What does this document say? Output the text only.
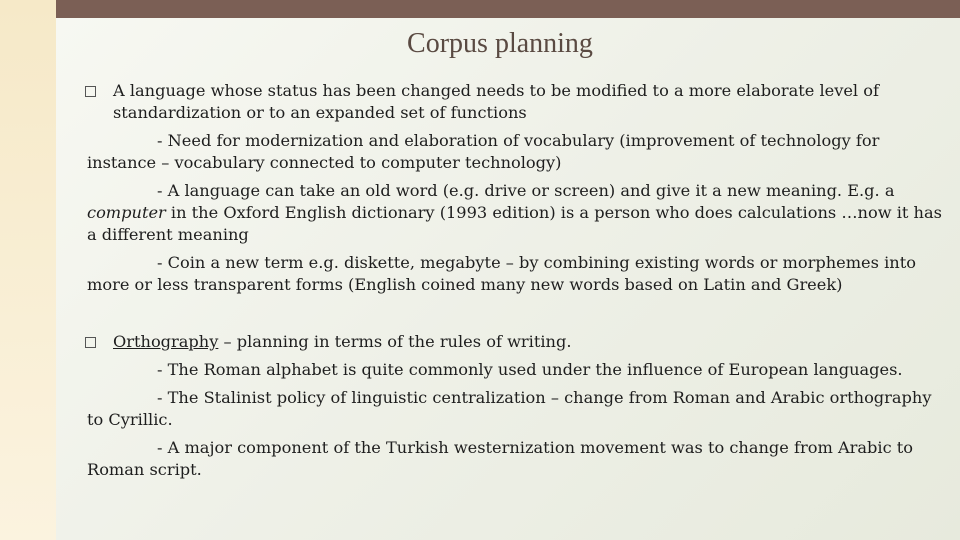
Corpus planning

A language whose status has been changed needs to be modified to a more elaborate level of standardization or to an expanded set of functions

- Need for modernization and elaboration of vocabulary (improvement of technology for instance – vocabulary connected to computer technology)

- A language can take an old word (e.g. drive or screen) and give it a new meaning. E.g. a computer in the Oxford English dictionary (1993 edition) is a person who does calculations …now it has a different meaning

- Coin a new term e.g. diskette, megabyte – by combining existing words or morphemes into more or less transparent forms (English coined many new words based on Latin and Greek)

Orthography – planning in terms of the rules of writing.

- The Roman alphabet is quite commonly used under the influence of European languages.

- The Stalinist policy of linguistic centralization – change from Roman and Arabic orthography to Cyrillic.

- A major component of the Turkish westernization movement was to change from Arabic to Roman script.
